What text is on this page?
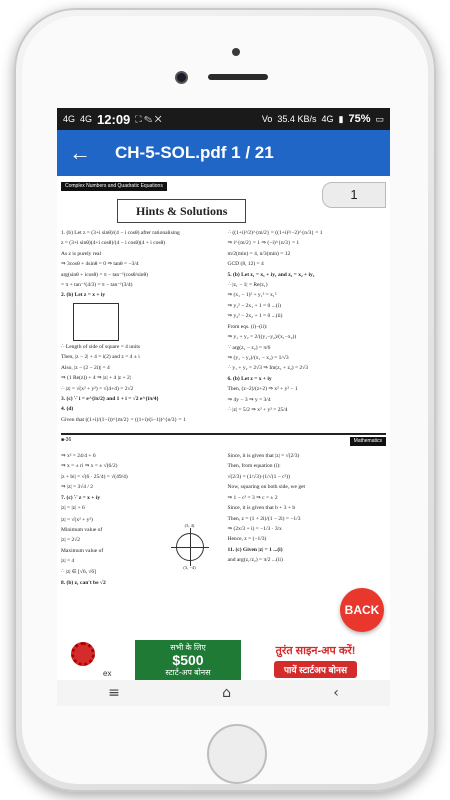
4G 4G 12:09 ⛶ ✎ ✕	Vo 35.4 KB/s 4G ▮ 75% ▭
← CH-5-SOL.pdf 1 / 21
Complex Numbers and Quadratic Equations
Hints & Solutions
1

1. (b) Let z = (3+i sinθ)/(4 − i cosθ) after rationalising

z = (3+i sinθ)(4+i cosθ)/(4 − i cosθ)(4 + i cosθ)

As z is purely real

⇒ 3cosθ + 4sinθ = 0 ⇒ tanθ = −3/4

arg(sinθ + icosθ) = π − tan⁻¹(cosθ/sinθ)

= π + tan⁻¹(4/3) = π − tan⁻¹(3/4)

2. (b) Let z = x + iy

∴ Length of side of square = 4 units

Then, |z − 2| + 4 = i(2) and z = 4 ± i

Also, |z − (2 − 2i)| = 4

⇒ (1 Re(z)) + 4 ⇒ |z| + 4 |z + 2|

∴ |z| = √(x² + y²) = √(4+4) = 2√2

3. (c) ∵ i = e^{iπ/2} and 1 + i = √2 e^{iπ/4}

4. (d)

Given that ((1+i)/(1−i))^{m/2} = ((1+i)/(i−1))^{n/3} = 1

∴ ((1+i)²/2)^{m/2} = ((1+i)²/−2)^{n/3} = 1

⇒ i^{m/2} = 1 ⇒ (−i)^{n/3} = 1

m/2(min) = 4, n/3(min) = 12

GCD (8, 12) = 4

5. (b) Let z₁ = x₁ + iy₁ and z₂ = x₂ + iy₂

∴ |z₁ − 1| = Re(z₁)

⇒ (x₁ − 1)² + y₁² = x₁²

⇒ y₁² − 2x₁ + 1 = 0 ...(i)

⇒ y₂² − 2x₂ + 1 = 0 ...(ii)

From eqs. (i)−(ii):

⇒ y₁ + y₂ = 2/((y₁−y₂)/(x₁−x₂))

∵ arg(z₁ − z₂) = π/6

⇒ (y₁ − y₂)/(x₁ − x₂) = 1/√3

∴ y₁ + y₂ = 2√3 ⇒ Im(z₁ + z₂) = 2√3

6. (b) Let z = x + iy

Then, (z−2)/(z+2) ⇒ x² + y² − 1

⇒ 4y − 3 ⇒ y = 3/4

∴ |z| = 5/2 ⇒ x² + y² = 25/4

■-36	Mathematics

⇒ x² = 24/4 + 6

⇒ x = ± ri ⇒ x = ± √(6/2)

|z + bi| = √(6 · 25/4) = √(49/4)

⇒ |z| = 3√4 / 2

7. (c) ∵ z = x + iy

|z| = |z| + 6

|z| = √(x² + y²)

Minimum value of

|z| = 2√2

Maximum value of

|z| = 4

∴ |z| ∈ [√6, √6]

(3, 4)
(3, −4)

8. (b) z₁ can't be √2

Since, it is given that |z| = √(2/3)

Then, from equation (i):

√(2/3) = (1/√3)·(1/√(1 − c²))

Now, squaring on both side, we get

⇒ 1 − c² = 3 ⇒ c = ± 2

Since, it is given that b + 3 + b

Then, z = (1 + 2i)/(1 − 2i) = −1/3

⇒ (2x/3 + i) = −1/3 · 3/x

Hence, z = (−1/3)

11. (c) Given |z| = 1 ...(i)

and arg(z₁/z₂) = π/2 ...(ii)

BACK
ex
सभी के लिए
$500
स्टार्ट-अप बोनस
तुरंत साइन-अप करें!
पायें स्टार्टअप बोनस
≡	⌂	‹
